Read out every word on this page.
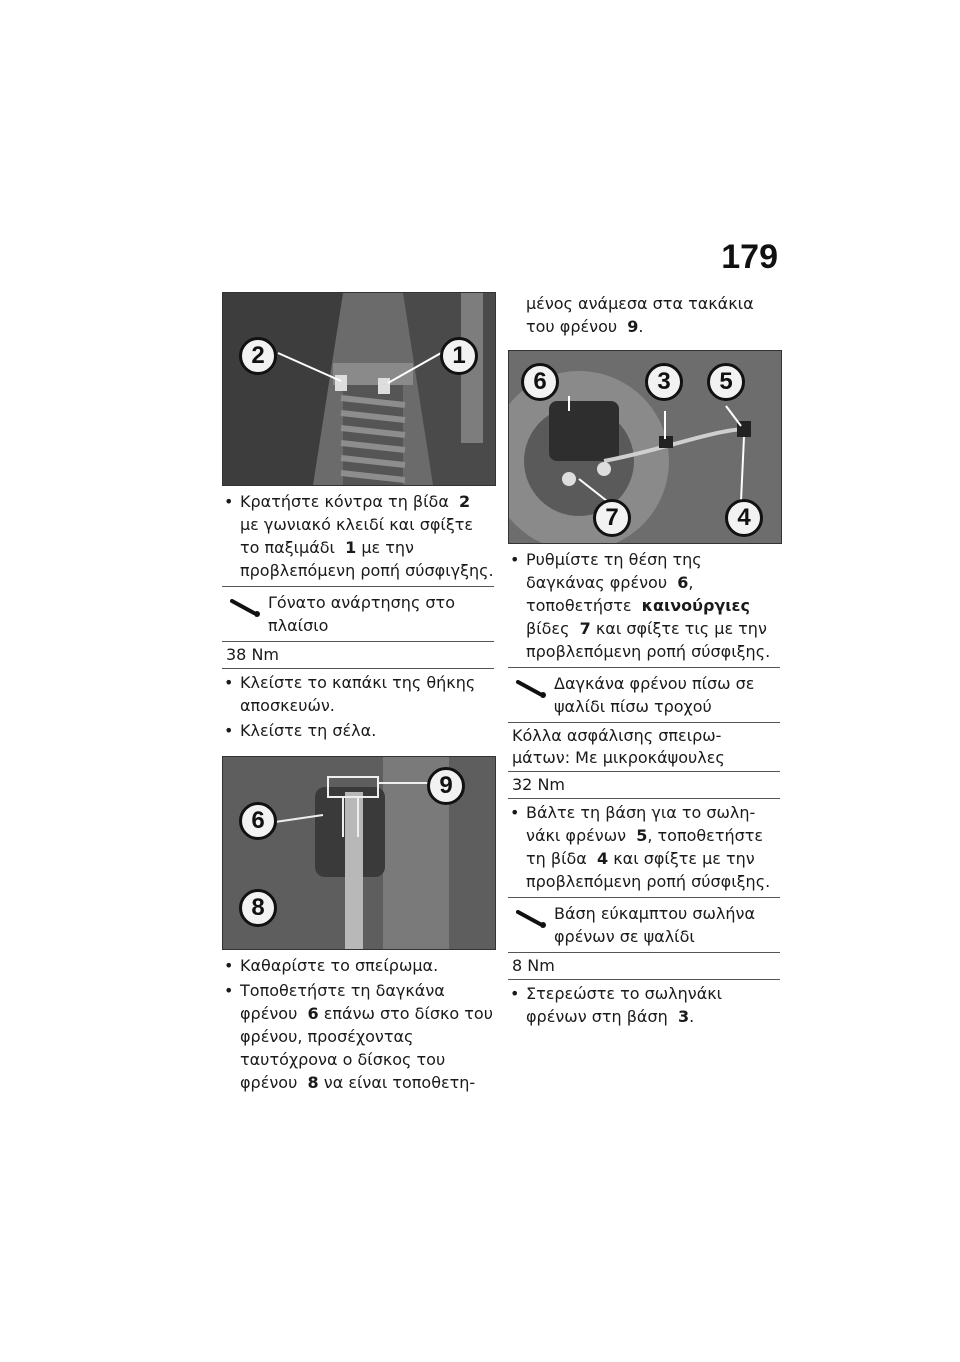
179
2	1
• Κρατήστε κόντρα τη βίδα 2 με γωνιακό κλειδί και σφίξτε το παξιμάδι 1 με την προβλεπόμενη ροπή σύσφιγξης.
Γόνατο ανάρτησης στο πλαίσιο
38 Nm
• Κλείστε το καπάκι της θήκης αποσκευών.
• Κλείστε τη σέλα.
6
8
9
• Καθαρίστε το σπείρωμα.
• Τοποθετήστε τη δαγκάνα φρένου 6 επάνω στο δίσκο του φρένου, προσέχοντας ταυτόχρονα ο δίσκος του φρένου 8 να είναι τοποθετη-
μένος ανάμεσα στα τακάκια του φρένου 9.
6	3	5
7	4
• Ρυθμίστε τη θέση της δαγκάνας φρένου 6, τοποθετήστε καινούργιες βίδες 7 και σφίξτε τις με την προβλεπόμενη ροπή σύσφιξης.
Δαγκάνα φρένου πίσω σε ψαλίδι πίσω τροχού
Κόλλα ασφάλισης σπειρω-μάτων: Με μικροκάψουλες
32 Nm
• Βάλτε τη βάση για το σωλη-νάκι φρένων 5, τοποθετήστε τη βίδα 4 και σφίξτε με την προβλεπόμενη ροπή σύσφιξης.
Βάση εύκαμπτου σωλήνα φρένων σε ψαλίδι
8 Nm
• Στερεώστε το σωληνάκι φρένων στη βάση 3.
